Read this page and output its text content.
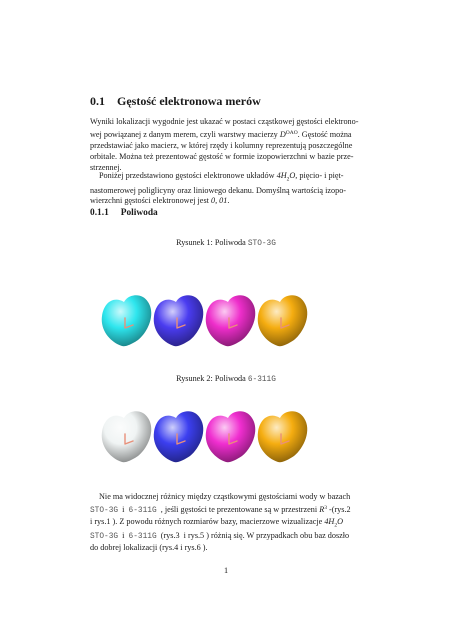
0.1 Gęstość elektronowa merów

Wyniki lokalizacji wygodnie jest ukazać w postaci cząstkowej gęstości elektrono-
wej powiązanej z danym merem, czyli warstwy macierzy $D^{OAO}$. Gęstość można
przedstawiać jako macierz, w której rzędy i kolumny reprezentują poszczególne
orbitale. Można też prezentować gęstość w formie izopowierzchni w bazie prze-
strzennej.

Poniżej przedstawiono gęstości elektronowe układów $4H_2O$, pięcio- i pięt-
nastomerowej poliglicyny oraz liniowego dekanu. Domyślną wartością izopo-
wierzchni gęstości elektronowej jest 0, 01.

0.1.1 Poliwoda

Rysunek 1: Poliwoda STO-3G

Rysunek 2: Poliwoda 6-311G

Nie ma widocznej różnicy między cząstkowymi gęstościami wody w bazach
STO-3G  i  6-311G  , jeśli gęstości te prezentowane są w przestrzeni $R^3$ -(rys.2
i rys.1 ). Z powodu różnych rozmiarów bazy, macierzowe wizualizacje $4H_2O$
STO-3G  i  6-311G  (rys.3  i rys.5 ) różnią się. W przypadkach obu baz doszło
do dobrej lokalizacji (rys.4 i rys.6 ).

1
